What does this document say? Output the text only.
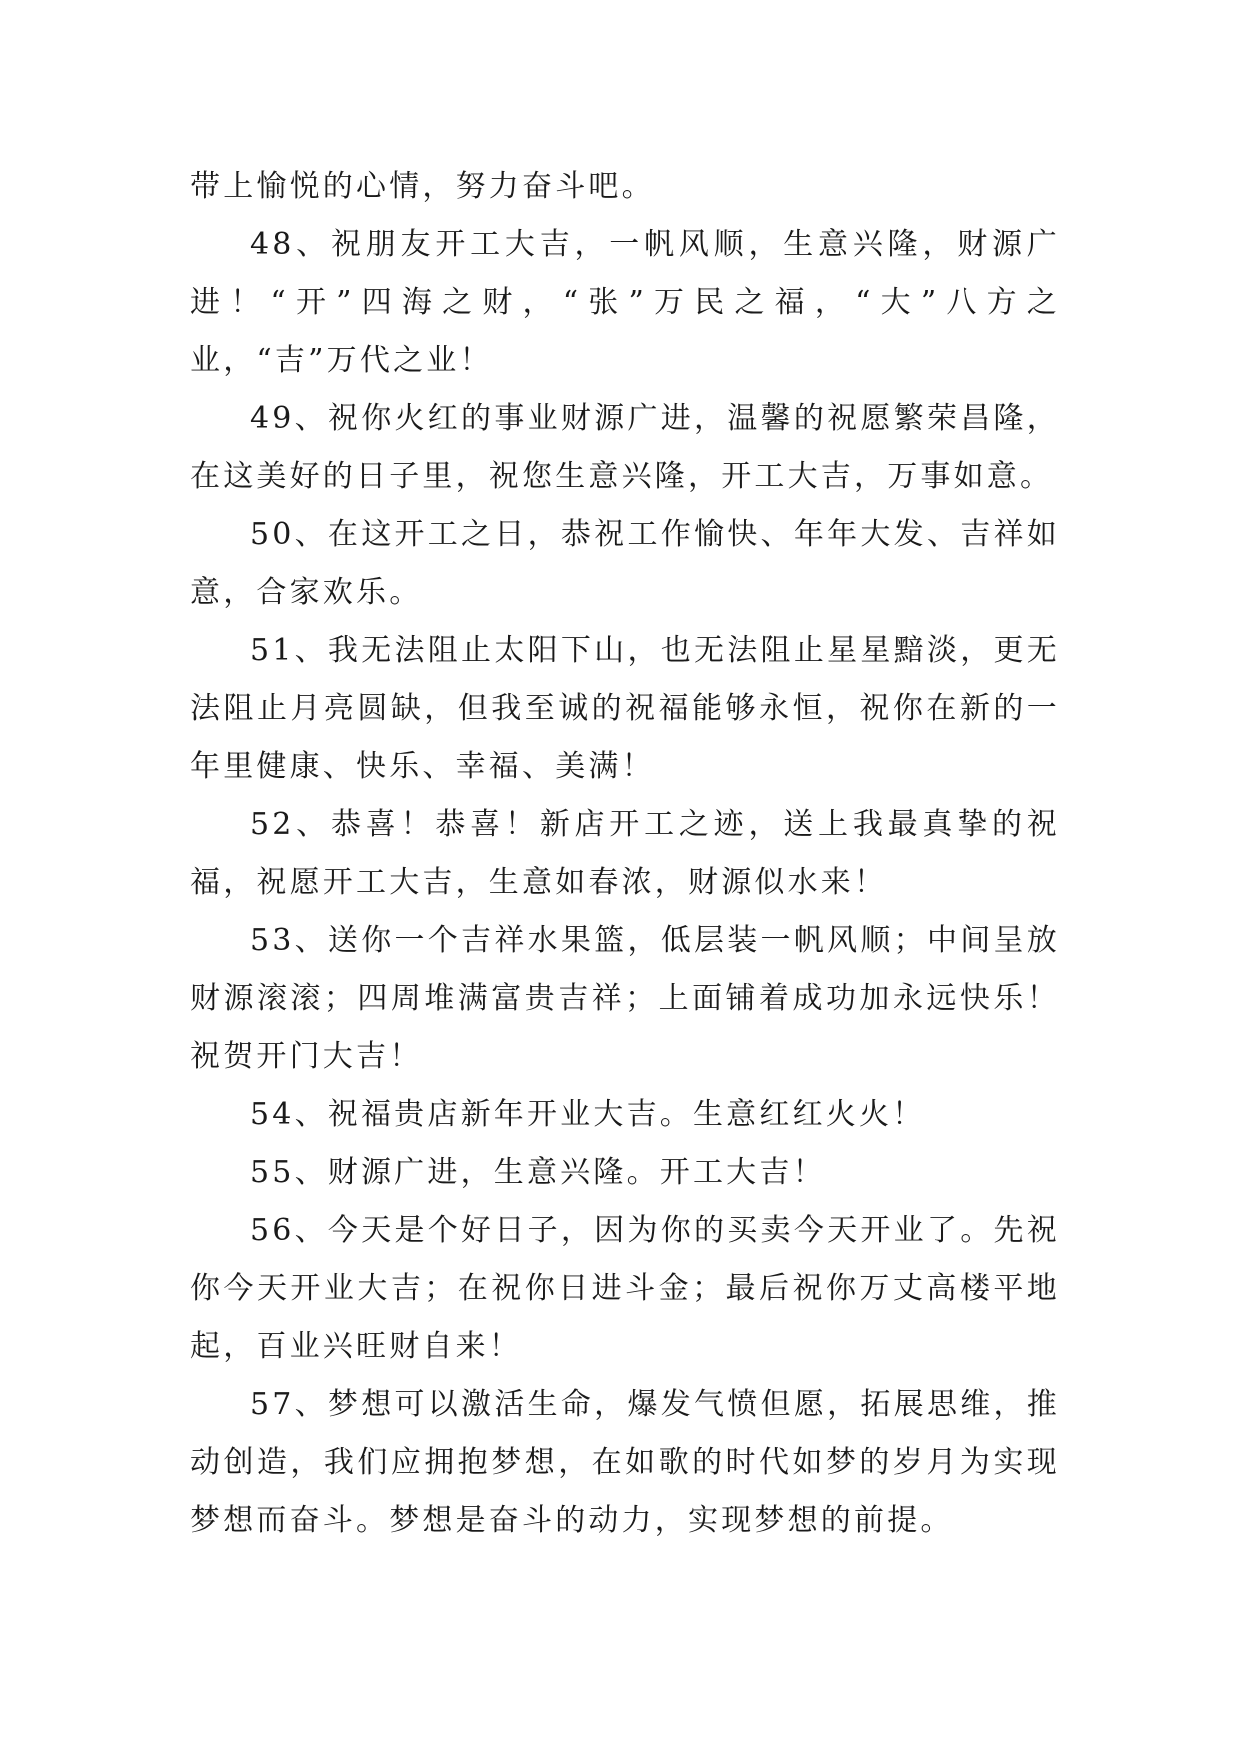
带上愉悦的心情，努力奋斗吧。

48、祝朋友开工大吉，一帆风顺，生意兴隆，财源广进！“开”四海之财，“张”万民之福，“大”八方之业，“吉”万代之业！

49、祝你火红的事业财源广进，温馨的祝愿繁荣昌隆，在这美好的日子里，祝您生意兴隆，开工大吉，万事如意。

50、在这开工之日，恭祝工作愉快、年年大发、吉祥如意，合家欢乐。

51、我无法阻止太阳下山，也无法阻止星星黯淡，更无法阻止月亮圆缺，但我至诚的祝福能够永恒，祝你在新的一年里健康、快乐、幸福、美满！

52、恭喜！恭喜！新店开工之迹，送上我最真挚的祝福，祝愿开工大吉，生意如春浓，财源似水来！

53、送你一个吉祥水果篮，低层装一帆风顺；中间呈放财源滚滚；四周堆满富贵吉祥；上面铺着成功加永远快乐！祝贺开门大吉！

54、祝福贵店新年开业大吉。生意红红火火！

55、财源广进，生意兴隆。开工大吉！

56、今天是个好日子，因为你的买卖今天开业了。先祝你今天开业大吉；在祝你日进斗金；最后祝你万丈高楼平地起，百业兴旺财自来！

57、梦想可以激活生命，爆发气愤但愿，拓展思维，推动创造，我们应拥抱梦想，在如歌的时代如梦的岁月为实现梦想而奋斗。梦想是奋斗的动力，实现梦想的前提。
